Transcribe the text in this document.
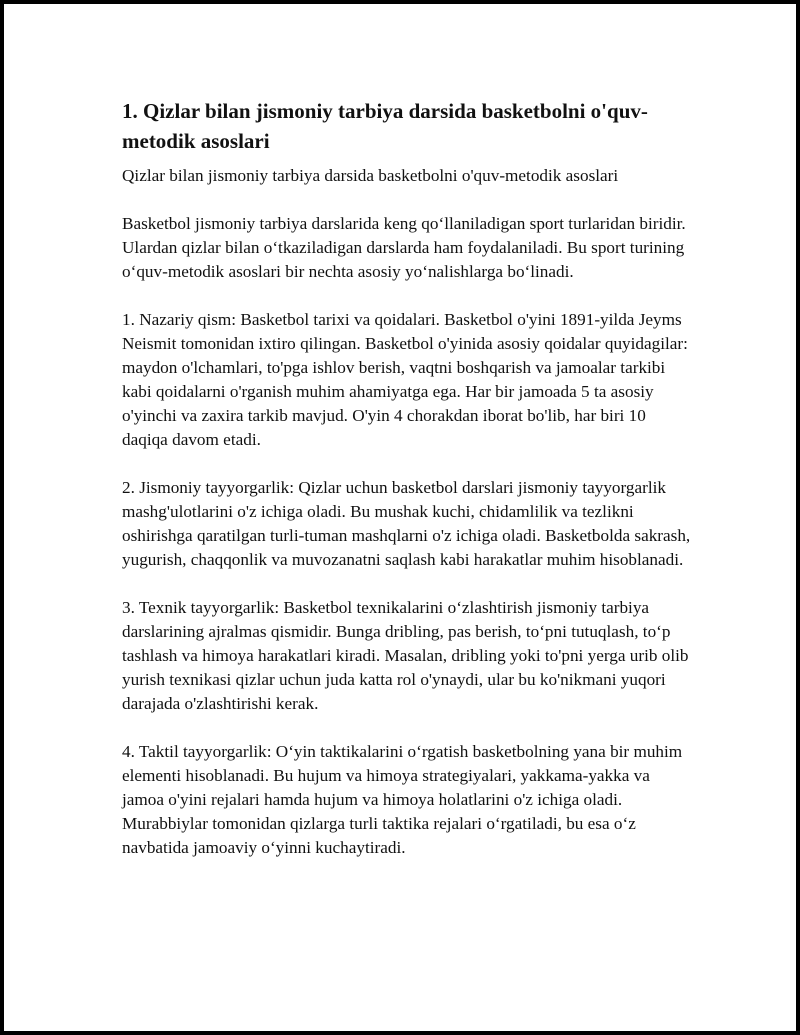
1. Qizlar bilan jismoniy tarbiya darsida basketbolni o'quv-metodik asoslari

Qizlar bilan jismoniy tarbiya darsida basketbolni o'quv-metodik asoslari

Basketbol jismoniy tarbiya darslarida keng qoʻllaniladigan sport turlaridan biridir. Ulardan qizlar bilan oʻtkaziladigan darslarda ham foydalaniladi. Bu sport turining oʻquv-metodik asoslari bir nechta asosiy yoʻnalishlarga boʻlinadi.

1. Nazariy qism: Basketbol tarixi va qoidalari. Basketbol o'yini 1891-yilda Jeyms Neismit tomonidan ixtiro qilingan. Basketbol o'yinida asosiy qoidalar quyidagilar: maydon o'lchamlari, to'pga ishlov berish, vaqtni boshqarish va jamoalar tarkibi kabi qoidalarni o'rganish muhim ahamiyatga ega. Har bir jamoada 5 ta asosiy o'yinchi va zaxira tarkib mavjud. O'yin 4 chorakdan iborat bo'lib, har biri 10 daqiqa davom etadi.

2. Jismoniy tayyorgarlik: Qizlar uchun basketbol darslari jismoniy tayyorgarlik mashg'ulotlarini o'z ichiga oladi. Bu mushak kuchi, chidamlilik va tezlikni oshirishga qaratilgan turli-tuman mashqlarni o'z ichiga oladi. Basketbolda sakrash, yugurish, chaqqonlik va muvozanatni saqlash kabi harakatlar muhim hisoblanadi.

3. Texnik tayyorgarlik: Basketbol texnikalarini oʻzlashtirish jismoniy tarbiya darslarining ajralmas qismidir. Bunga dribling, pas berish, toʻpni tutuqlash, toʻp tashlash va himoya harakatlari kiradi. Masalan, dribling yoki to'pni yerga urib olib yurish texnikasi qizlar uchun juda katta rol o'ynaydi, ular bu ko'nikmani yuqori darajada o'zlashtirishi kerak.

4. Taktil tayyorgarlik: Oʻyin taktikalarini oʻrgatish basketbolning yana bir muhim elementi hisoblanadi. Bu hujum va himoya strategiyalari, yakkama-yakka va jamoa o'yini rejalari hamda hujum va himoya holatlarini o'z ichiga oladi. Murabbiylar tomonidan qizlarga turli taktika rejalari oʻrgatiladi, bu esa oʻz navbatida jamoaviy oʻyinni kuchaytiradi.
